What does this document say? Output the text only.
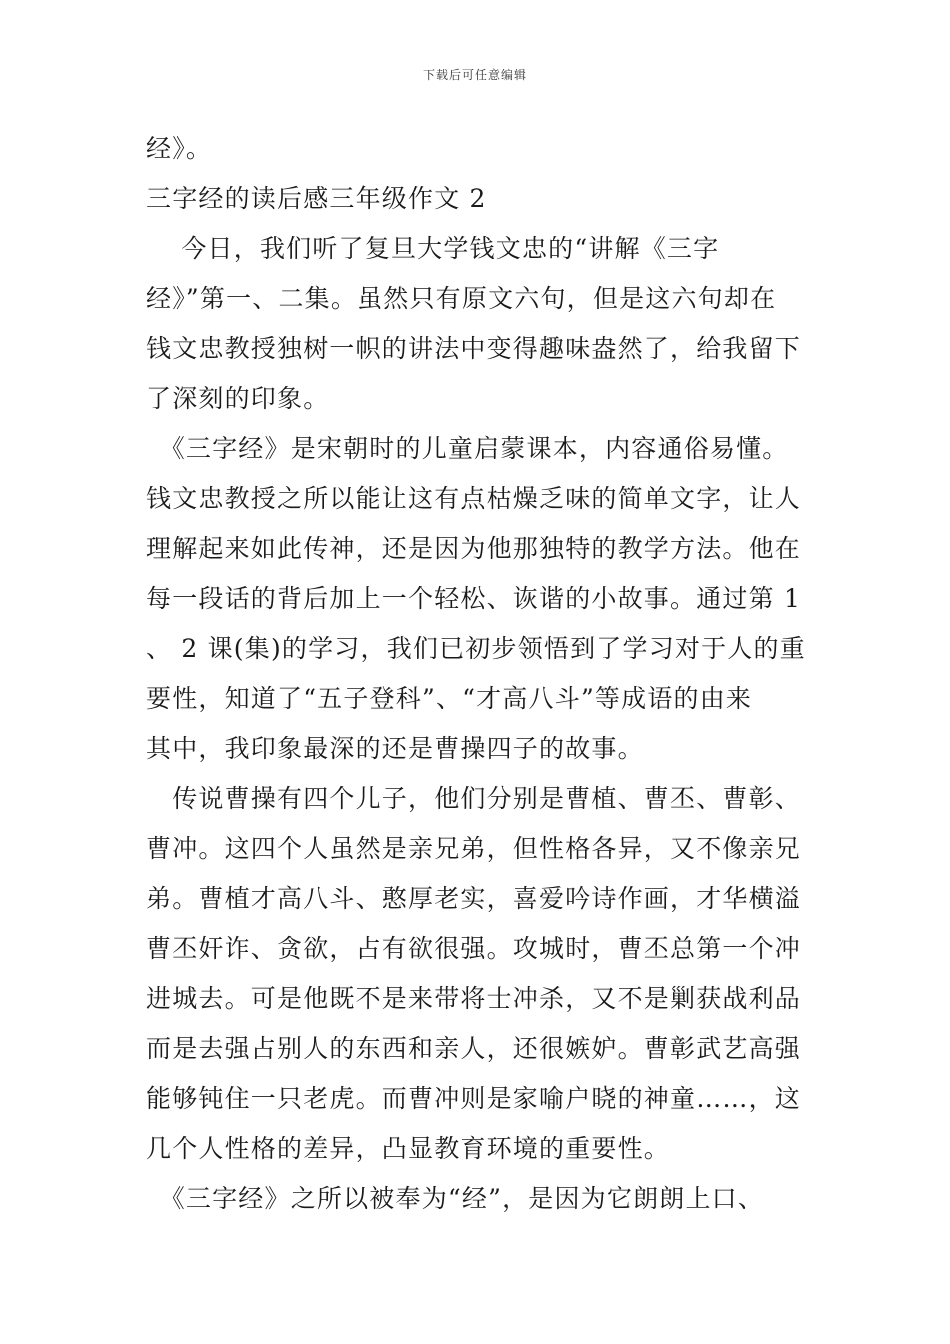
下载后可任意编辑
经》。
三字经的读后感三年级作文 2
　 今日，我们听了复旦大学钱文忠的“讲解《三字
经》”第一、二集。虽然只有原文六句，但是这六句却在
钱文忠教授独树一帜的讲法中变得趣味盎然了，给我留下
了深刻的印象。
　《三字经》是宋朝时的儿童启蒙课本，内容通俗易懂。
钱文忠教授之所以能让这有点枯燥乏味的简单文字，让人
理解起来如此传神，还是因为他那独特的教学方法。他在
每一段话的背后加上一个轻松、诙谐的小故事。通过第 1
、 2 课(集)的学习，我们已初步领悟到了学习对于人的重
要性，知道了“五子登科”、“才高八斗”等成语的由来
其中，我印象最深的还是曹操四子的故事。
　传说曹操有四个儿子，他们分别是曹植、曹丕、曹彰、
曹冲。这四个人虽然是亲兄弟，但性格各异，又不像亲兄
弟。曹植才高八斗、憨厚老实，喜爱吟诗作画，才华横溢
曹丕奸诈、贪欲，占有欲很强。攻城时，曹丕总第一个冲
进城去。可是他既不是来带将士冲杀，又不是剿获战利品
而是去强占别人的东西和亲人，还很嫉妒。曹彰武艺高强
能够钝住一只老虎。而曹冲则是家喻户晓的神童……，这
几个人性格的差异，凸显教育环境的重要性。
　《三字经》之所以被奉为“经”，是因为它朗朗上口、
